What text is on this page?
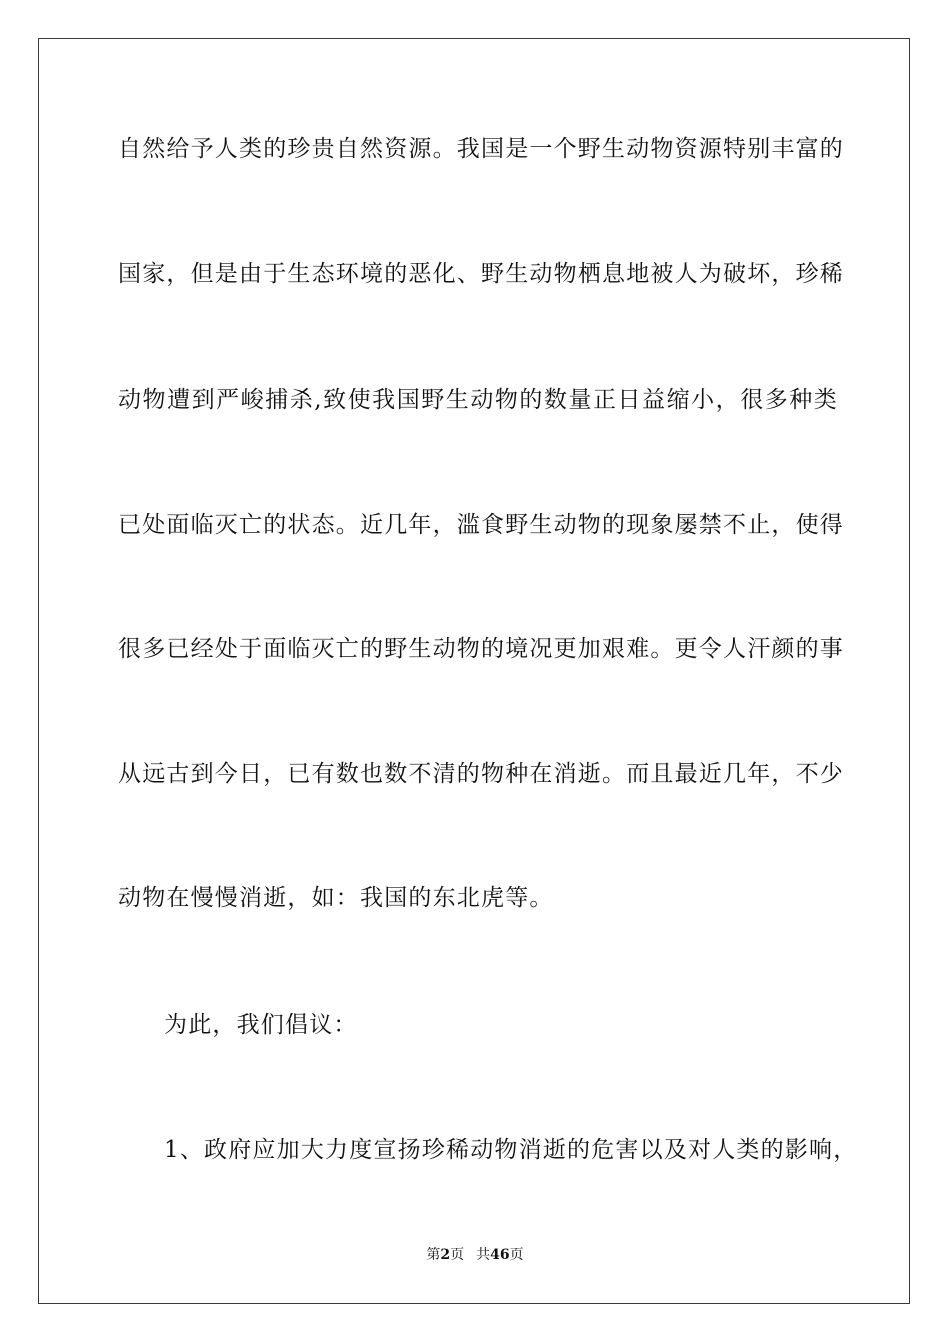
自然给予人类的珍贵自然资源。我国是一个野生动物资源特别丰富的
国家，但是由于生态环境的恶化、野生动物栖息地被人为破坏，珍稀
动物遭到严峻捕杀,致使我国野生动物的数量正日益缩小，很多种类
已处面临灭亡的状态。近几年，滥食野生动物的现象屡禁不止，使得
很多已经处于面临灭亡的野生动物的境况更加艰难。更令人汗颜的事
从远古到今日，已有数也数不清的物种在消逝。而且最近几年，不少
动物在慢慢消逝，如：我国的东北虎等。
为此，我们倡议：
1、政府应加大力度宣扬珍稀动物消逝的危害以及对人类的影响，
第2页 共46页
